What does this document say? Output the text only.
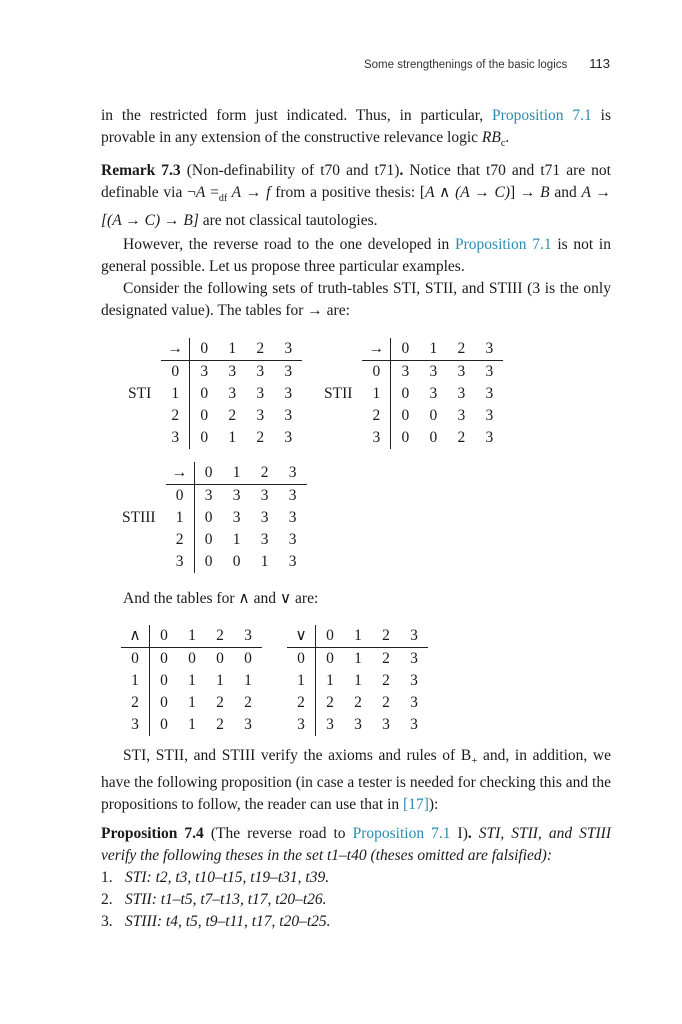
Some strengthenings of the basic logics 113

in the restricted form just indicated. Thus, in particular, Proposition 7.1 is provable in any extension of the constructive relevance logic $RB_c$.

Remark 7.3 (Non-definability of t70 and t71). Notice that t70 and t71 are not definable via ¬A $=_{df}$ A → f from a positive thesis: [A ∧ (A → C)] → B and A → [(A → C) → B] are not classical tautologies.

However, the reverse road to the one developed in Proposition 7.1 is not in general possible. Let us propose three particular examples.

Consider the following sets of truth-tables STI, STII, and STIII (3 is the only designated value). The tables for → are:

	→	0	1	2	3
	0	3	3	3	3
STI	1	0	3	3	3
	2	0	2	3	3
	3	0	1	2	3
	→	0	1	2	3
	0	3	3	3	3
STII	1	0	3	3	3
	2	0	0	3	3
	3	0	0	2	3
	→	0	1	2	3
	0	3	3	3	3
STIII	1	0	3	3	3
	2	0	1	3	3
	3	0	0	1	3

And the tables for ∧ and ∨ are:

∧	0	1	2	3
0	0	0	0	0
1	0	1	1	1
2	0	1	2	2
3	0	1	2	3
∨	0	1	2	3
0	0	1	2	3
1	1	1	2	3
2	2	2	2	3
3	3	3	3	3

STI, STII, and STIII verify the axioms and rules of $B_+$ and, in addition, we have the following proposition (in case a tester is needed for checking this and the propositions to follow, the reader can use that in [17]):

Proposition 7.4 (The reverse road to Proposition 7.1 I). STI, STII, and STIII verify the following theses in the set t1–t40 (theses omitted are falsified):

1. STI: t2, t3, t10–t15, t19–t31, t39.
2. STII: t1–t5, t7–t13, t17, t20–t26.
3. STIII: t4, t5, t9–t11, t17, t20–t25.
